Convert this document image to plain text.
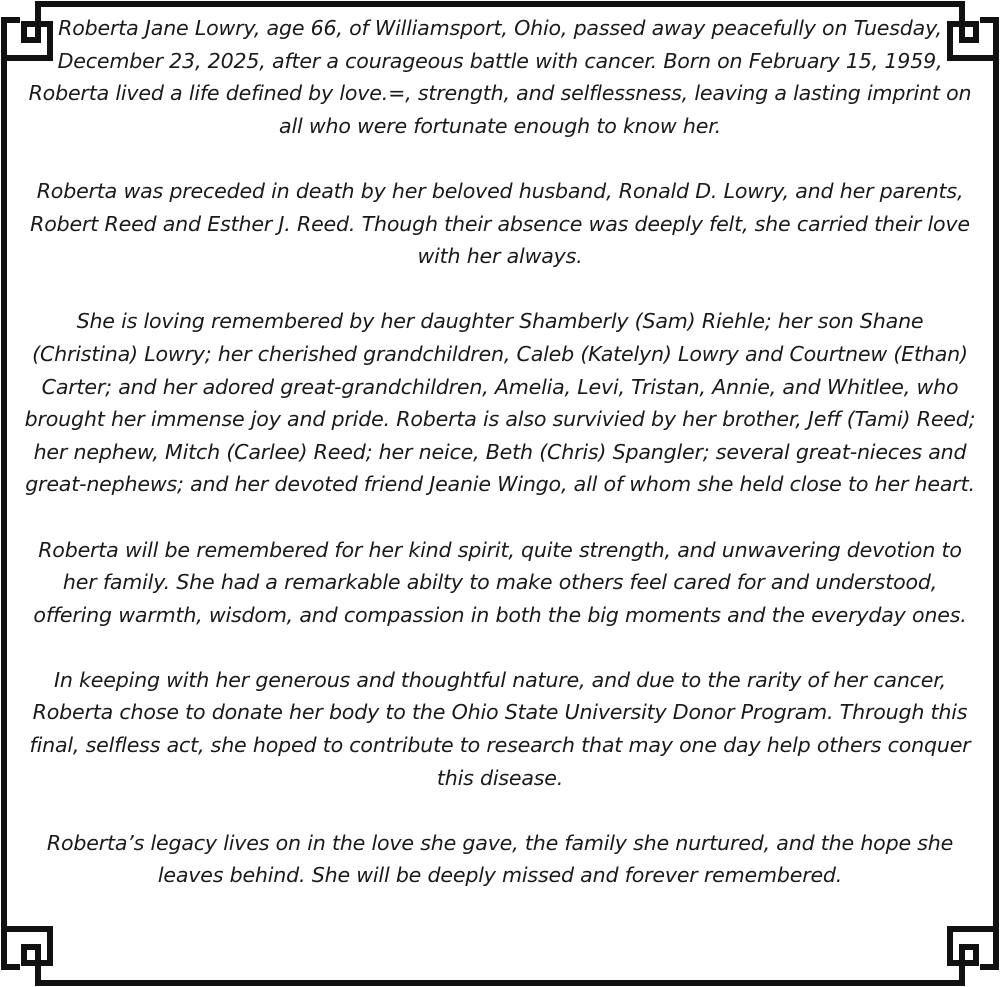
Roberta Jane Lowry, age 66, of Williamsport, Ohio, passed away peacefully on Tuesday, December 23, 2025, after a courageous battle with cancer. Born on February 15, 1959, Roberta lived a life defined by love.=, strength, and selflessness, leaving a lasting imprint on all who were fortunate enough to know her.

Roberta was preceded in death by her beloved husband, Ronald D. Lowry, and her parents, Robert Reed and Esther J. Reed. Though their absence was deeply felt, she carried their love with her always.

She is loving remembered by her daughter Shamberly (Sam) Riehle; her son Shane (Christina) Lowry; her cherished grandchildren, Caleb (Katelyn) Lowry and Courtnew (Ethan) Carter; and her adored great-grandchildren, Amelia, Levi, Tristan, Annie, and Whitlee, who brought her immense joy and pride. Roberta is also survivied by her brother, Jeff (Tami) Reed; her nephew, Mitch (Carlee) Reed; her neice, Beth (Chris) Spangler; several great-nieces and great-nephews; and her devoted friend Jeanie Wingo, all of whom she held close to her heart.

Roberta will be remembered for her kind spirit, quite strength, and unwavering devotion to her family. She had a remarkable abilty to make others feel cared for and understood, offering warmth, wisdom, and compassion in both the big moments and the everyday ones.

In keeping with her generous and thoughtful nature, and due to the rarity of her cancer, Roberta chose to donate her body to the Ohio State University Donor Program. Through this final, selfless act, she hoped to contribute to research that may one day help others conquer this disease.

Roberta’s legacy lives on in the love she gave, the family she nurtured, and the hope she leaves behind. She will be deeply missed and forever remembered.
